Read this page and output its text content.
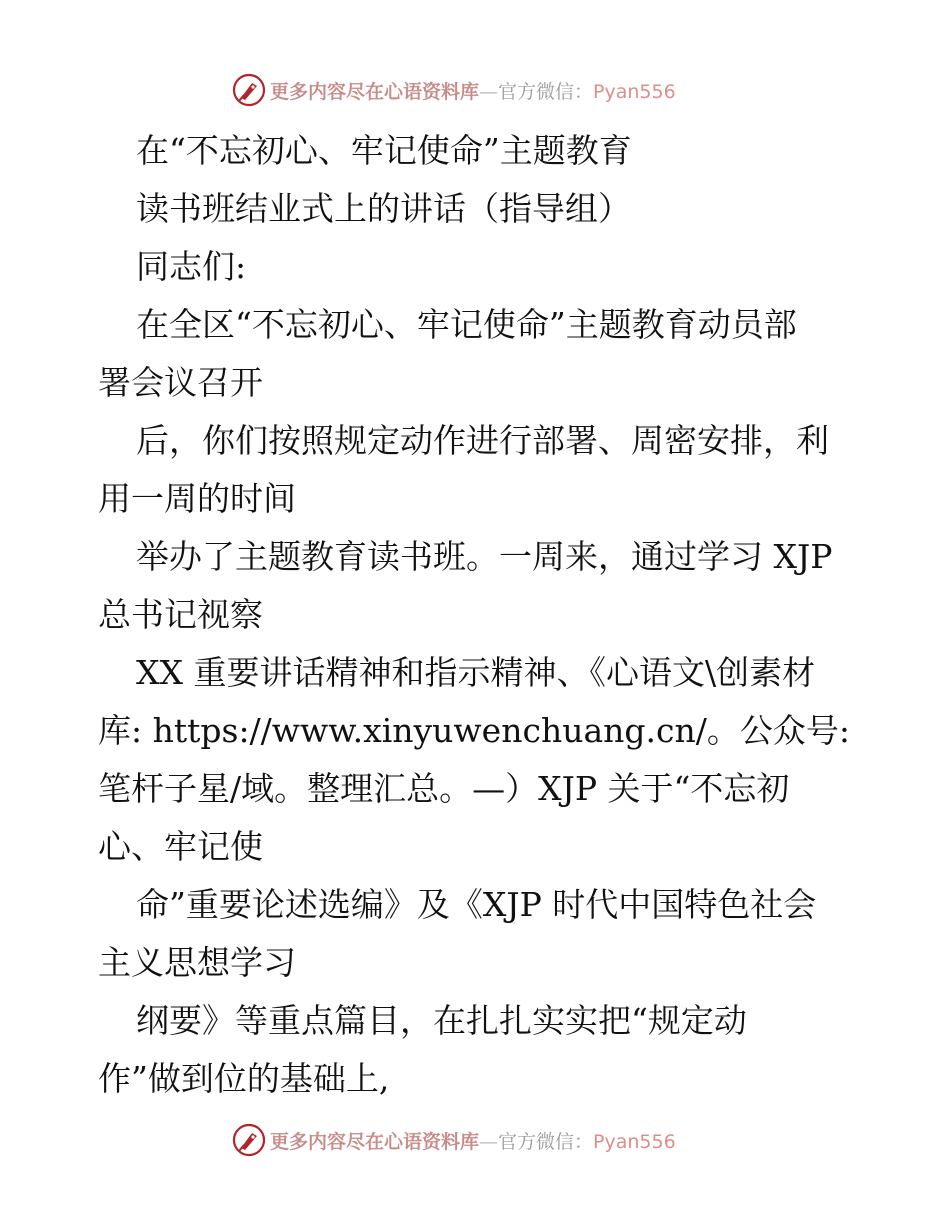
更多内容尽在心语资料库—官方微信：Pyan556
在“不忘初心、牢记使命”主题教育
读书班结业式上的讲话（指导组）
同志们:
在全区“不忘初心、牢记使命”主题教育动员部
署会议召开
后，你们按照规定动作进行部署、周密安排，利
用一周的时间
举办了主题教育读书班。一周来，通过学习 XJP
总书记视察
XX 重要讲话精神和指示精神、《心语文\创素材
库: https://www.xinyuwenchuang.cn/。公众号:
笔杆子星/域。整理汇总。—）XJP 关于“不忘初
心、牢记使
命”重要论述选编》及《XJP 时代中国特色社会
主义思想学习
纲要》等重点篇目，在扎扎实实把“规定动
作”做到位的基础上,
更多内容尽在心语资料库—官方微信：Pyan556
